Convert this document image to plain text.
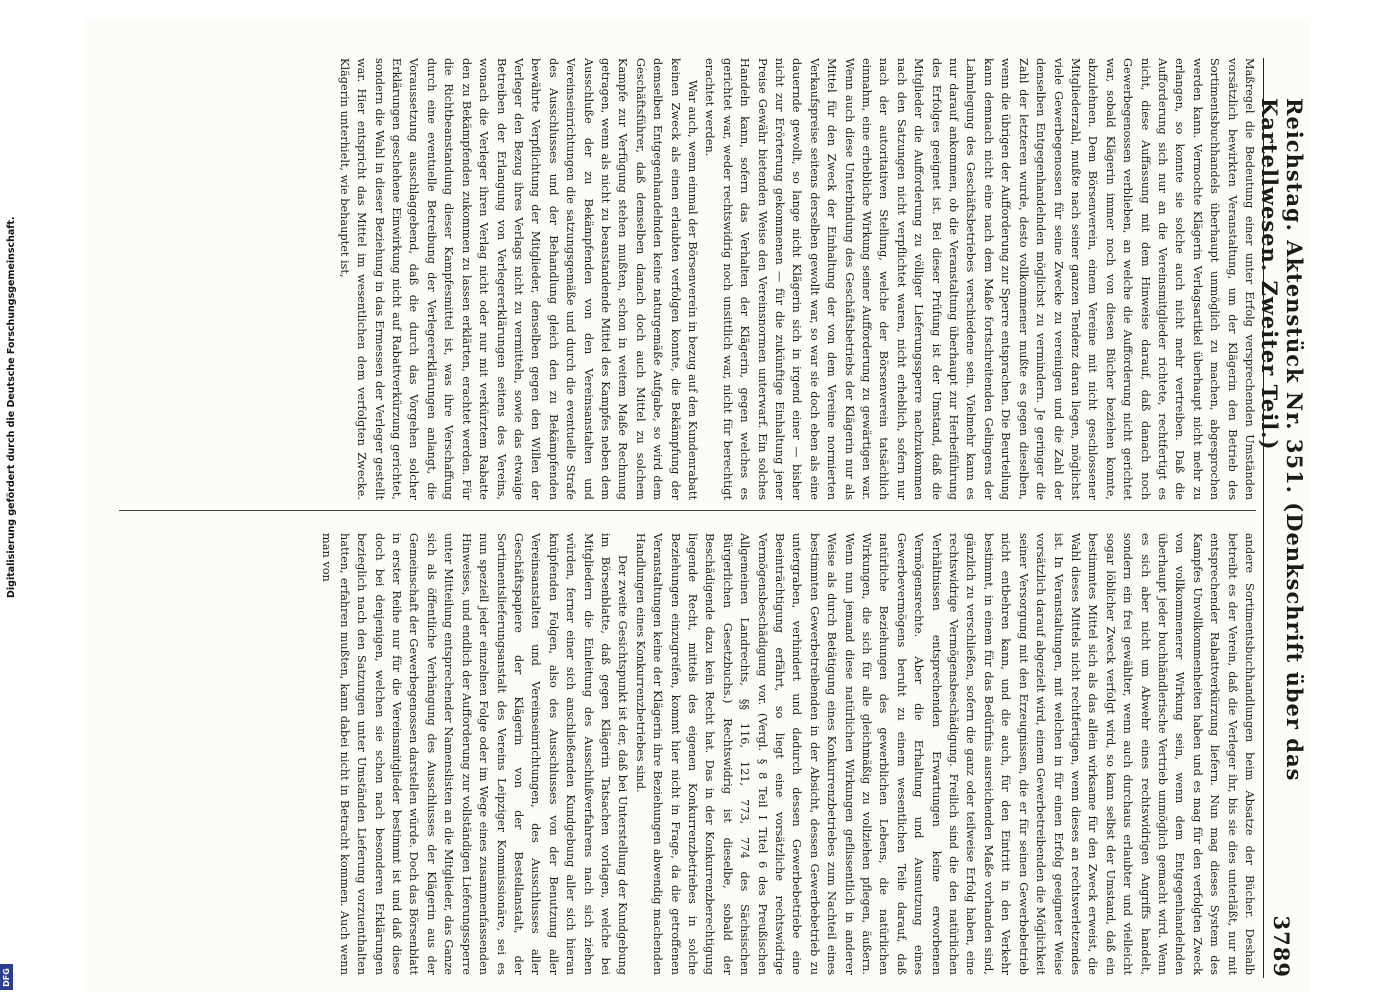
Reichstag. Aktenstück Nr. 351. (Denkschrift über das Kartellwesen. Zweiter Teil.)
3789

Maßregel die Bedeutung einer unter Erfolg versprechenden Umständen vorsätzlich bewirkten Veranstaltung, um der Klägerin den Betrieb des Sortimentsbuchhandels überhaupt unmöglich zu machen, abgesprochen werden kann. Vermochte Klägerin Verlagsartikel überhaupt nicht mehr zu erlangen, so konnte sie solche auch nicht mehr vertreiben. Daß die Aufforderung sich nur an die Vereinsmitglieder richtete, rechtfertigt es nicht, diese Auffassung mit dem Hinweise darauf, daß danach noch Gewerbegenossen verblieben, an welche die Aufforderung nicht gerichtet war, sobald Klägerin immer noch von diesen Bücher beziehen konnte, abzulehnen. Dem Börsenverein, einem Vereine mit nicht geschlossener Mitgliederzahl, mußte nach seiner ganzen Tendenz daran liegen, möglichst viele Gewerbegenossen für seine Zwecke zu vereinigen und die Zahl der denselben Entgegenhandelnden möglichst zu vermindern. Je geringer die Zahl der letzteren wurde, desto vollkommener mußte es gegen dieselben, wenn die übrigen der Aufforderung zur Sperre entsprachen. Die Beurteilung kann demnach nicht eine nach dem Maße fortschreitenden Gelingens der Lahmlegung des Geschäftsbetriebes verschiedene sein. Vielmehr kann es nur darauf ankommen, ob die Veranstaltung überhaupt zur Herbeiführung des Erfolges geeignet ist. Bei dieser Prüfung ist der Umstand, daß die Mitglieder die Aufforderung zu völliger Lieferungssperre nachzukommen nach den Satzungen nicht verpflichtet waren, nicht erheblich, sofern nur nach der autoritativen Stellung, welche der Börsenverein tatsächlich einnahm, eine erhebliche Wirkung seiner Aufforderung zu gewärtigen war. Wenn auch diese Unterbindung des Geschäftsbetriebs der Klägerin nur als Mittel für den Zweck der Einhaltung der von dem Vereine normierten Verkaufspreise seitens derselben gewollt war, so war sie doch eben als eine dauernde gewollt, so lange nicht Klägerin sich in irgend einer — bisher nicht zur Erörterung gekommenen — für die zukünftige Einhaltung jener Preise Gewähr bietenden Weise den Vereinsnormen unterwarf. Ein solches Handeln kann, sofern das Verhalten der Klägerin, gegen welches es gerichtet war, weder rechtswidrig noch unsittlich war, nicht für berechtigt erachtet werden.

War auch, wenn einmal der Börsenverein in bezug auf den Kundenrabatt keinen Zweck als einen erlaubten verfolgen konnte, die Bekämpfung der demselben Entgegenhandelnden keine naturgemäße Aufgabe, so wird dem Geschäftsführer, daß demselben danach doch auch Mittel zu solchem Kampfe zur Verfügung stehen mußten, schon in weitem Maße Rechnung getragen, wenn als nicht zu beanstandende Mittel des Kampfes neben dem Ausschluße der zu Bekämpfenden von den Vereinsanstalten und Vereinseinrichtungen die satzungsgemäße und durch die eventuelle Strafe des Ausschlusses und der Behandlung gleich den zu Bekämpfenden bewährte Verpflichtung der Mitglieder, denselben gegen den Willen der Verleger den Bezug ihres Verlags nicht zu vermitteln, sowie das etwaige Betreiben der Erlangung von Verlegererklärungen seitens des Vereins, wonach die Verleger ihren Verlag nicht oder nur mit verkürztem Rabatte den zu Bekämpfenden zukommen zu lassen erklärten, erachtet werden. Für die Richtbeanstandung dieser Kampfesmittel ist, was ihre Verschaffung durch eine eventuelle Betreibung der Verlegererklärungen anlangt, die Voraussetzung ausschlaggebend, daß die durch das Vorgehen solcher Erklärungen geschehene Einwirkung nicht auf Rabattverkürzung gerichtet, sondern die Wahl in dieser Beziehung in das Ermessen der Verleger gestellt war. Hier entspricht das Mittel im wesentlichen dem verfolgten Zwecke. Klägerin unterhielt, wie behauptet ist,

andere Sortimentsbuchhandlungen beim Absatze der Bücher. Deshalb betreibt es der Verein, daß die Verleger ihr, bis sie dies unterläßt, nur mit entsprechender Rabattverkürzung liefern. Nun mag dieses System des Kampfes Unvollkommenheiten haben und es mag für den verfolgten Zweck von vollkommenerer Wirkung sein, wenn dem Entgegenhandelnden überhaupt jeder buchhändlerische Vertrieb unmöglich gemacht wird. Wenn es sich aber nicht um Abwehr eines rechtswidrigen Angriffs handelt, sondern ein frei gewählter, wenn auch durchaus erlaubter und vielleicht sogar löblicher Zweck verfolgt wird, so kann selbst der Umstand, daß ein bestimmtes Mittel sich als das allein wirksame für den Zweck erweist, die Wahl dieses Mittels nicht rechtfertigen, wenn dieses an rechtsverletzendes ist. In Veranstaltungen, mit welchen in für einen Erfolg geeigneter Weise vorsätzlich darauf abgezielt wird, einem Gewerbetreibenden die Möglichkeit seiner Versorgung mit den Erzeugnissen, die er für seinen Gewerbebetrieb nicht entbehren kann, und die auch, für den Eintritt in den Verkehr bestimmt, in einem für das Bedürfnis ausreichenden Maße vorhanden sind, gänzlich zu verschließen, sofern die ganz oder teilweise Erfolg haben, eine rechtswidrige Vermögensbeschädigung. Freilich sind die den natürlichen Verhältnissen entsprechenden Erwartungen keine erworbenen Vermögensrechte. Aber die Erhaltung und Ausnutzung eines Gewerbevermögens beruht zu einem wesentlichen Teile darauf, daß natürliche Beziehungen des gewerblichen Lebens, die natürlichen Wirkungen, die sich für alle gleichmäßig zu vollziehen pflegen, äußern. Wenn nun jemand diese natürlichen Wirkungen geflissentlich in anderer Weise als durch Betätigung eines Konkurrenzbetriebes zum Nachteil eines bestimmten Gewerbetreibenden in der Absicht, dessen Gewerbebetrieb zu untergraben, verhindert und dadurch dessen Gewerbebetriebe eine Beeinträchtigung erfährt, so liegt eine vorsätzliche rechtswidrige Vermögensbeschädigung vor. (Vergl. § 8 Teil I Titel 6 des Preußischen Allgemeinen Landrechts, §§ 116, 121, 773, 774 des Sächsischen Bürgerlichen Gesetzbuchs.) Rechtswidrig ist dieselbe, sobald der Beschädigende dazu kein Recht hat. Das in der Konkurrenzberechtigung liegende Recht, mittels des eigenen Konkurrenzbetriebes in solche Beziehungen einzugreifen, kommt hier nicht in Frage, da die getroffenen Veranstaltungen keine der Klägerin ihre Beziehungen abwendig machenden Handlungen eines Konkurrenzbetriebes sind.

Der zweite Gesichtspunkt ist der, daß bei Unterstellung der Kundgebung im Börsenblatte, daß gegen Klägerin Tatsachen vorlagen, welche bei Mitgliedern die Einleitung des Ausschlußverfahrens nach sich ziehen würden, ferner einer sich anschließenden Kundgebung aller sich hieran knüpfenden Folgen, also des Ausschlusses von der Benutzung aller Vereinsanstalten und Vereinseinrichtungen, des Ausschlusses aller Geschäftspapiere der Klägerin von der Bestellanstalt, der Sortimentslieferungsanstalt des Vereins Leipziger Kommissionäre, sei es nun speziell jeder einzelnen Folge oder im Wege eines zusammenfassenden Hinweises, und endlich der Aufforderung zur vollständigen Lieferungssperre unter Mitteilung entsprechender Namenslisten an die Mitglieder, das Ganze sich als öffentliche Verhängung des Ausschlusses der Klägerin aus der Gemeinschaft der Gewerbegenossen darstellen würde. Doch das Börsenblatt in erster Reihe nur für die Vereinsmitglieder bestimmt ist und daß diese doch bei denjenigen, welchen sie schon nach besonderen Erklärungen bezieglich nach den Satzungen unter Umständen Lieferung vorzuenthalten hatten, erfahren mußten, kann dabei nicht in Betracht kommen. Auch wenn man von

Digitalisierung gefördert durch die Deutsche Forschungsgemeinschaft.
DFG
